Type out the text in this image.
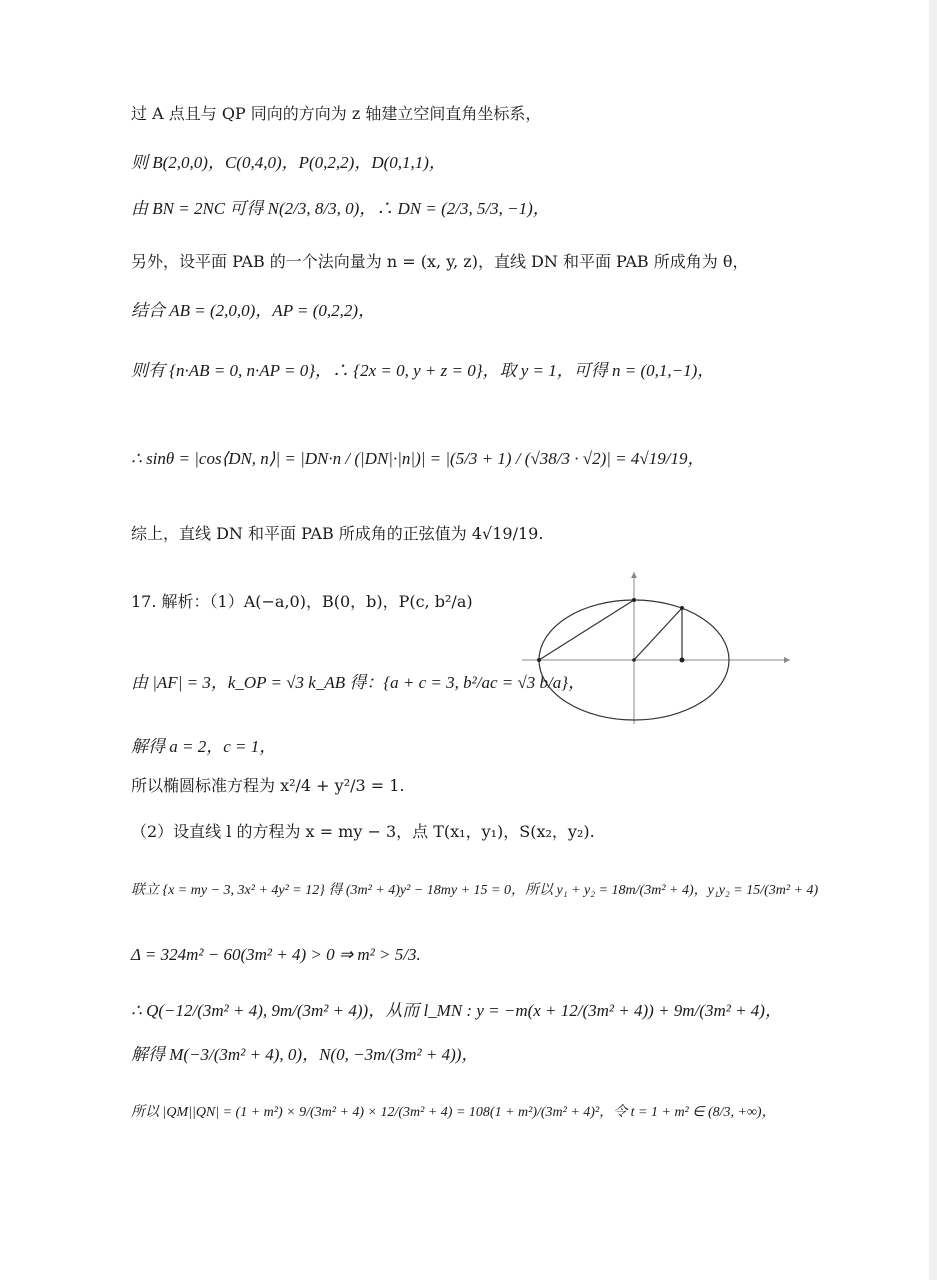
过 A 点且与 QP 同向的方向为 z 轴建立空间直角坐标系，
则 B(2,0,0)，C(0,4,0)，P(0,2,2)，D(0,1,1)，
由 BN = 2NC 可得 N(2/3, 8/3, 0)，∴ DN = (2/3, 5/3, −1)，
另外，设平面 PAB 的一个法向量为 n = (x, y, z)，直线 DN 和平面 PAB 所成角为 θ，
结合 AB = (2,0,0)，AP = (0,2,2)，
则有 {n·AB = 0, n·AP = 0}，∴ {2x = 0, y + z = 0}，取 y = 1，可得 n = (0,1,−1)，
∴ sinθ = |cos⟨DN, n⟩| = |DN·n / (|DN|·|n|)| = |(5/3 + 1) / (√38/3 · √2)| = 4√19/19，
综上，直线 DN 和平面 PAB 所成角的正弦值为 4√19/19.
17. 解析：（1）A(−a,0)，B(0，b)，P(c, b²/a)
由 |AF| = 3，k_OP = √3 k_AB 得：{a + c = 3, b²/ac = √3 b/a}，
解得 a = 2，c = 1，
所以椭圆标准方程为 x²/4 + y²/3 = 1.
（2）设直线 l 的方程为 x = my − 3，点 T(x₁，y₁)，S(x₂，y₂).
联立 {x = my − 3, 3x² + 4y² = 12} 得 (3m² + 4)y² − 18my + 15 = 0，所以 y₁ + y₂ = 18m/(3m² + 4)，y₁y₂ = 15/(3m² + 4)
Δ = 324m² − 60(3m² + 4) > 0 ⇒ m² > 5/3.
∴ Q(−12/(3m² + 4), 9m/(3m² + 4))，从而 l_MN : y = −m(x + 12/(3m² + 4)) + 9m/(3m² + 4)，
解得 M(−3/(3m² + 4), 0)，N(0, −3m/(3m² + 4))，
所以 |QM||QN| = (1 + m²) × 9/(3m² + 4) × 12/(3m² + 4) = 108(1 + m²)/(3m² + 4)²，令 t = 1 + m² ∈ (8/3, +∞)，
